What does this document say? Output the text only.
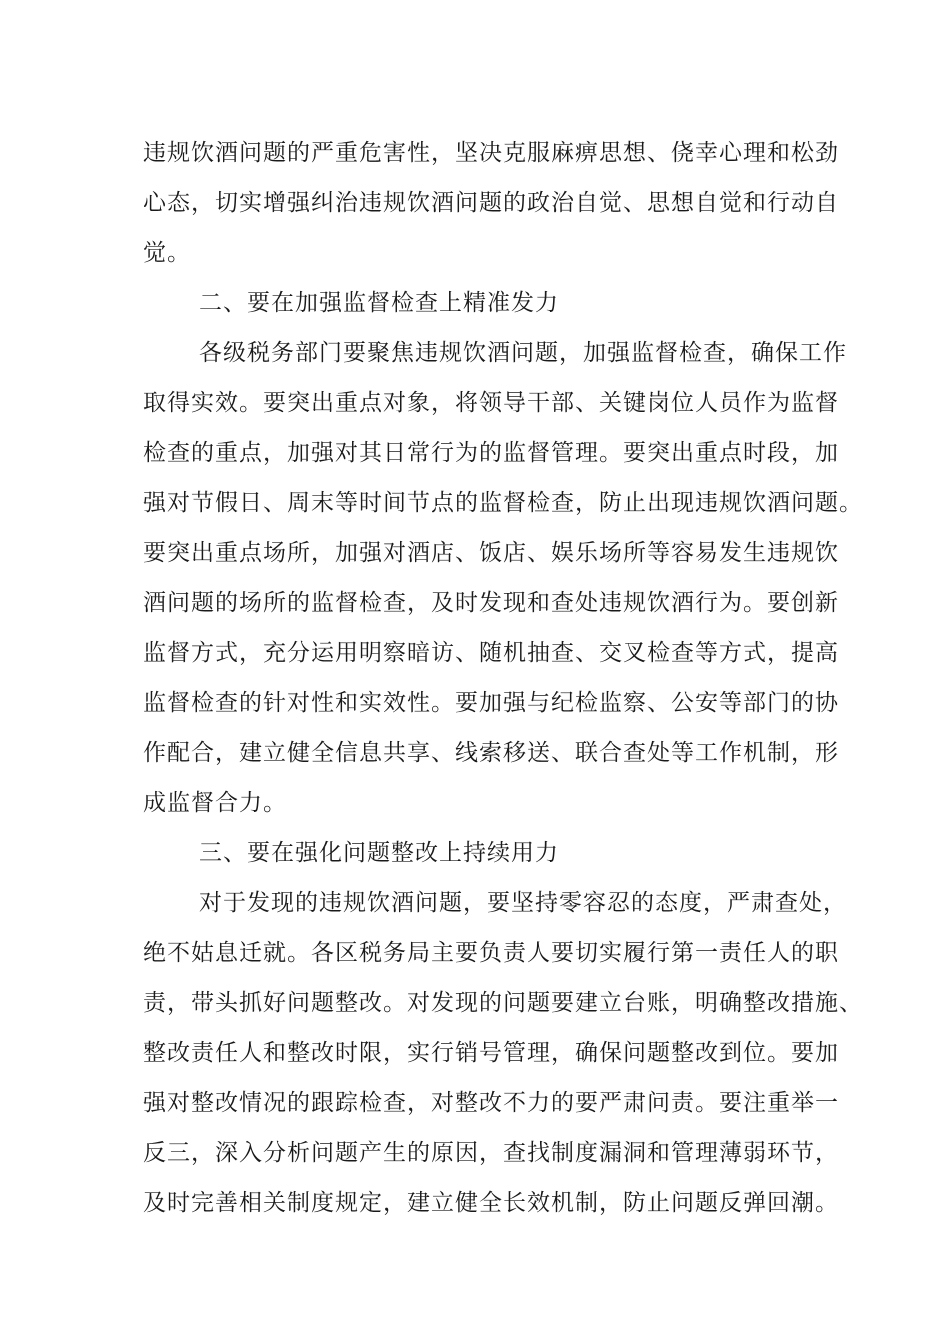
违规饮酒问题的严重危害性，坚决克服麻痹思想、侥幸心理和松劲
心态，切实增强纠治违规饮酒问题的政治自觉、思想自觉和行动自
觉。
二、要在加强监督检查上精准发力
各级税务部门要聚焦违规饮酒问题，加强监督检查，确保工作
取得实效。要突出重点对象，将领导干部、关键岗位人员作为监督
检查的重点，加强对其日常行为的监督管理。要突出重点时段，加
强对节假日、周末等时间节点的监督检查，防止出现违规饮酒问题。
要突出重点场所，加强对酒店、饭店、娱乐场所等容易发生违规饮
酒问题的场所的监督检查，及时发现和查处违规饮酒行为。要创新
监督方式，充分运用明察暗访、随机抽查、交叉检查等方式，提高
监督检查的针对性和实效性。要加强与纪检监察、公安等部门的协
作配合，建立健全信息共享、线索移送、联合查处等工作机制，形
成监督合力。
三、要在强化问题整改上持续用力
对于发现的违规饮酒问题，要坚持零容忍的态度，严肃查处，
绝不姑息迁就。各区税务局主要负责人要切实履行第一责任人的职
责，带头抓好问题整改。对发现的问题要建立台账，明确整改措施、
整改责任人和整改时限，实行销号管理，确保问题整改到位。要加
强对整改情况的跟踪检查，对整改不力的要严肃问责。要注重举一
反三，深入分析问题产生的原因，查找制度漏洞和管理薄弱环节，
及时完善相关制度规定，建立健全长效机制，防止问题反弹回潮。
